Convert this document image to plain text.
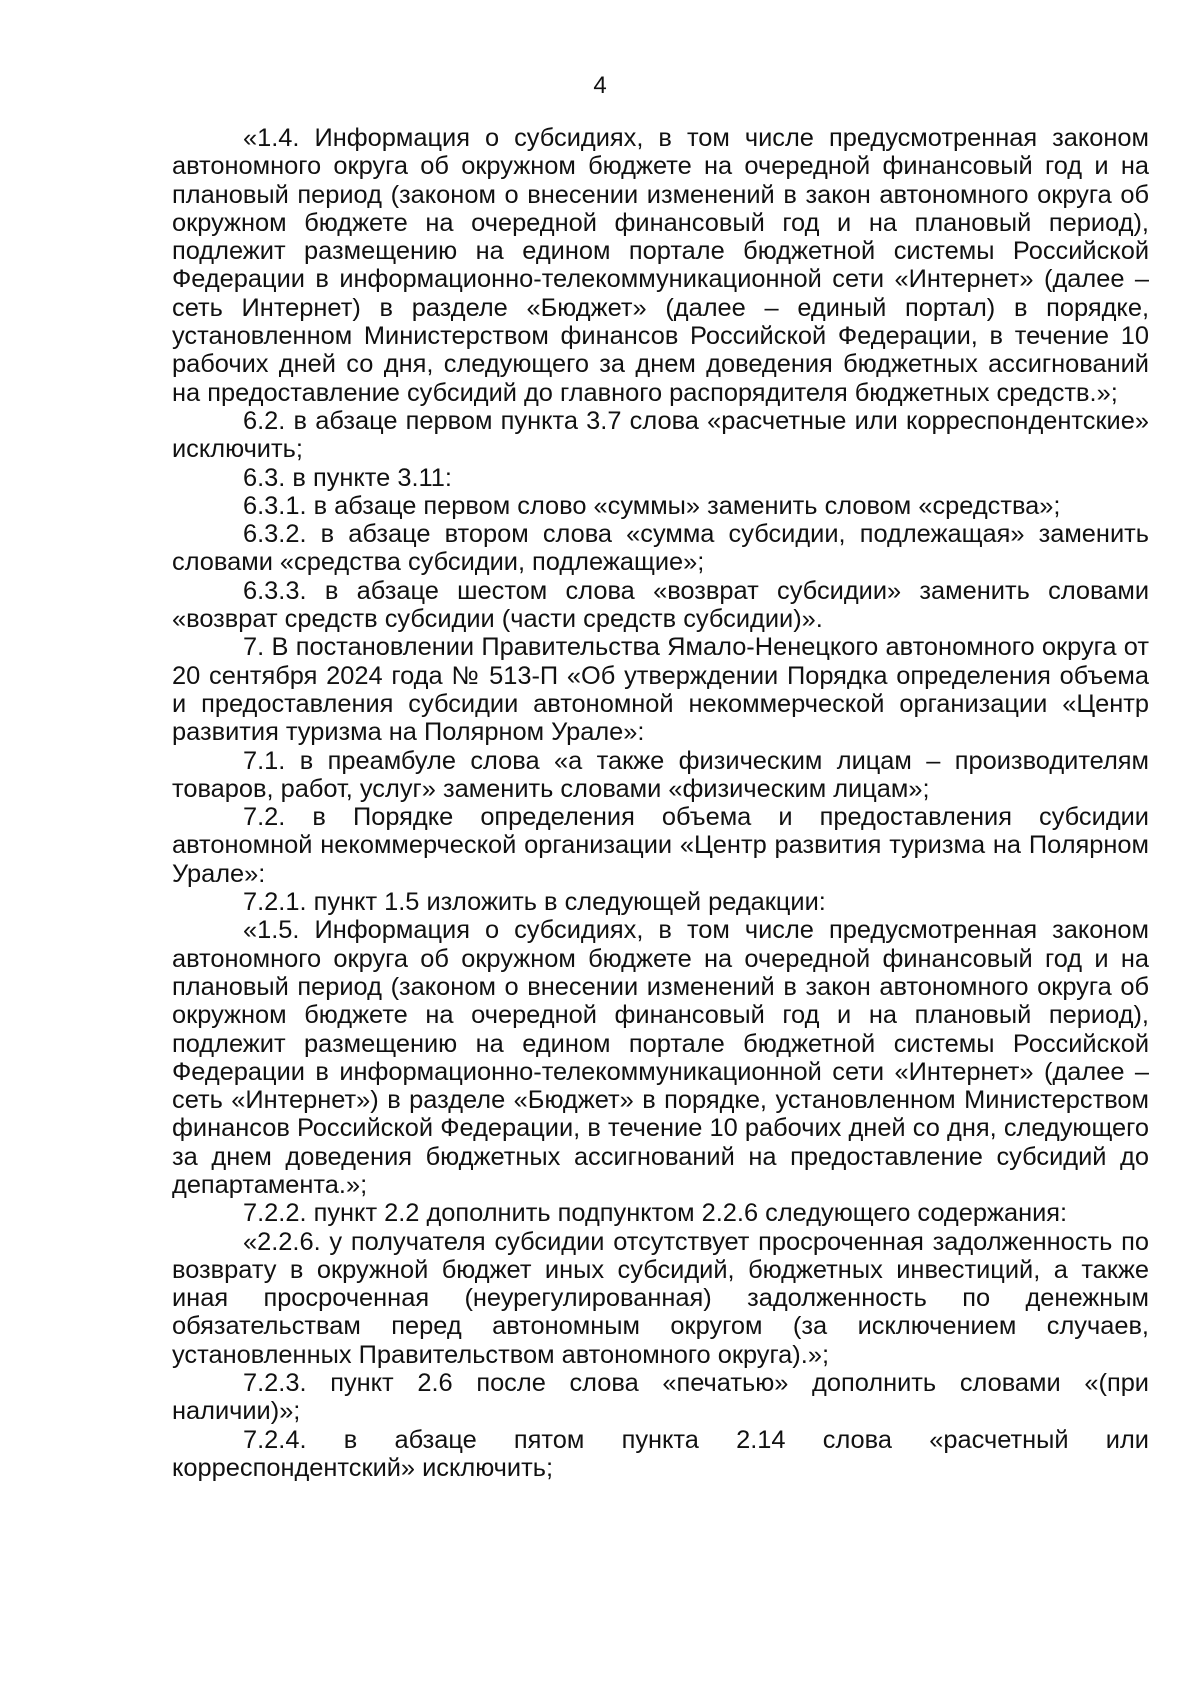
4

«1.4. Информация о субсидиях, в том числе предусмотренная законом автономного округа об окружном бюджете на очередной финансовый год и на плановый период (законом о внесении изменений в закон автономного округа об окружном бюджете на очередной финансовый год и на плановый период), подлежит размещению на едином портале бюджетной системы Российской Федерации в информационно-телекоммуникационной сети «Интернет» (далее – сеть Интернет) в разделе «Бюджет» (далее – единый портал) в порядке, установленном Министерством финансов Российской Федерации, в течение 10 рабочих дней со дня, следующего за днем доведения бюджетных ассигнований на предоставление субсидий до главного распорядителя бюджетных средств.»;

6.2. в абзаце первом пункта 3.7 слова «расчетные или корреспондентские» исключить;

6.3. в пункте 3.11:

6.3.1. в абзаце первом слово «суммы» заменить словом «средства»;

6.3.2. в абзаце втором слова «сумма субсидии, подлежащая» заменить словами «средства субсидии, подлежащие»;

6.3.3. в абзаце шестом слова «возврат субсидии» заменить словами «возврат средств субсидии (части средств субсидии)».

7. В постановлении Правительства Ямало-Ненецкого автономного округа от 20 сентября 2024 года № 513-П «Об утверждении Порядка определения объема и предоставления субсидии автономной некоммерческой организации «Центр развития туризма на Полярном Урале»:

7.1. в преамбуле слова «а также физическим лицам – производителям товаров, работ, услуг» заменить словами «физическим лицам»;

7.2. в Порядке определения объема и предоставления субсидии автономной некоммерческой организации «Центр развития туризма на Полярном Урале»:

7.2.1. пункт 1.5 изложить в следующей редакции:

«1.5. Информация о субсидиях, в том числе предусмотренная законом автономного округа об окружном бюджете на очередной финансовый год и на плановый период (законом о внесении изменений в закон автономного округа об окружном бюджете на очередной финансовый год и на плановый период), подлежит размещению на едином портале бюджетной системы Российской Федерации в информационно-телекоммуникационной сети «Интернет» (далее – сеть «Интернет») в разделе «Бюджет» в порядке, установленном Министерством финансов Российской Федерации, в течение 10 рабочих дней со дня, следующего за днем доведения бюджетных ассигнований на предоставление субсидий до департамента.»;

7.2.2. пункт 2.2 дополнить подпунктом 2.2.6 следующего содержания:

«2.2.6. у получателя субсидии отсутствует просроченная задолженность по возврату в окружной бюджет иных субсидий, бюджетных инвестиций, а также иная просроченная (неурегулированная) задолженность по денежным обязательствам перед автономным округом (за исключением случаев, установленных Правительством автономного округа).»;

7.2.3. пункт 2.6 после слова «печатью» дополнить словами «(при наличии)»;

7.2.4. в абзаце пятом пункта 2.14 слова «расчетный или корреспондентский» исключить;
